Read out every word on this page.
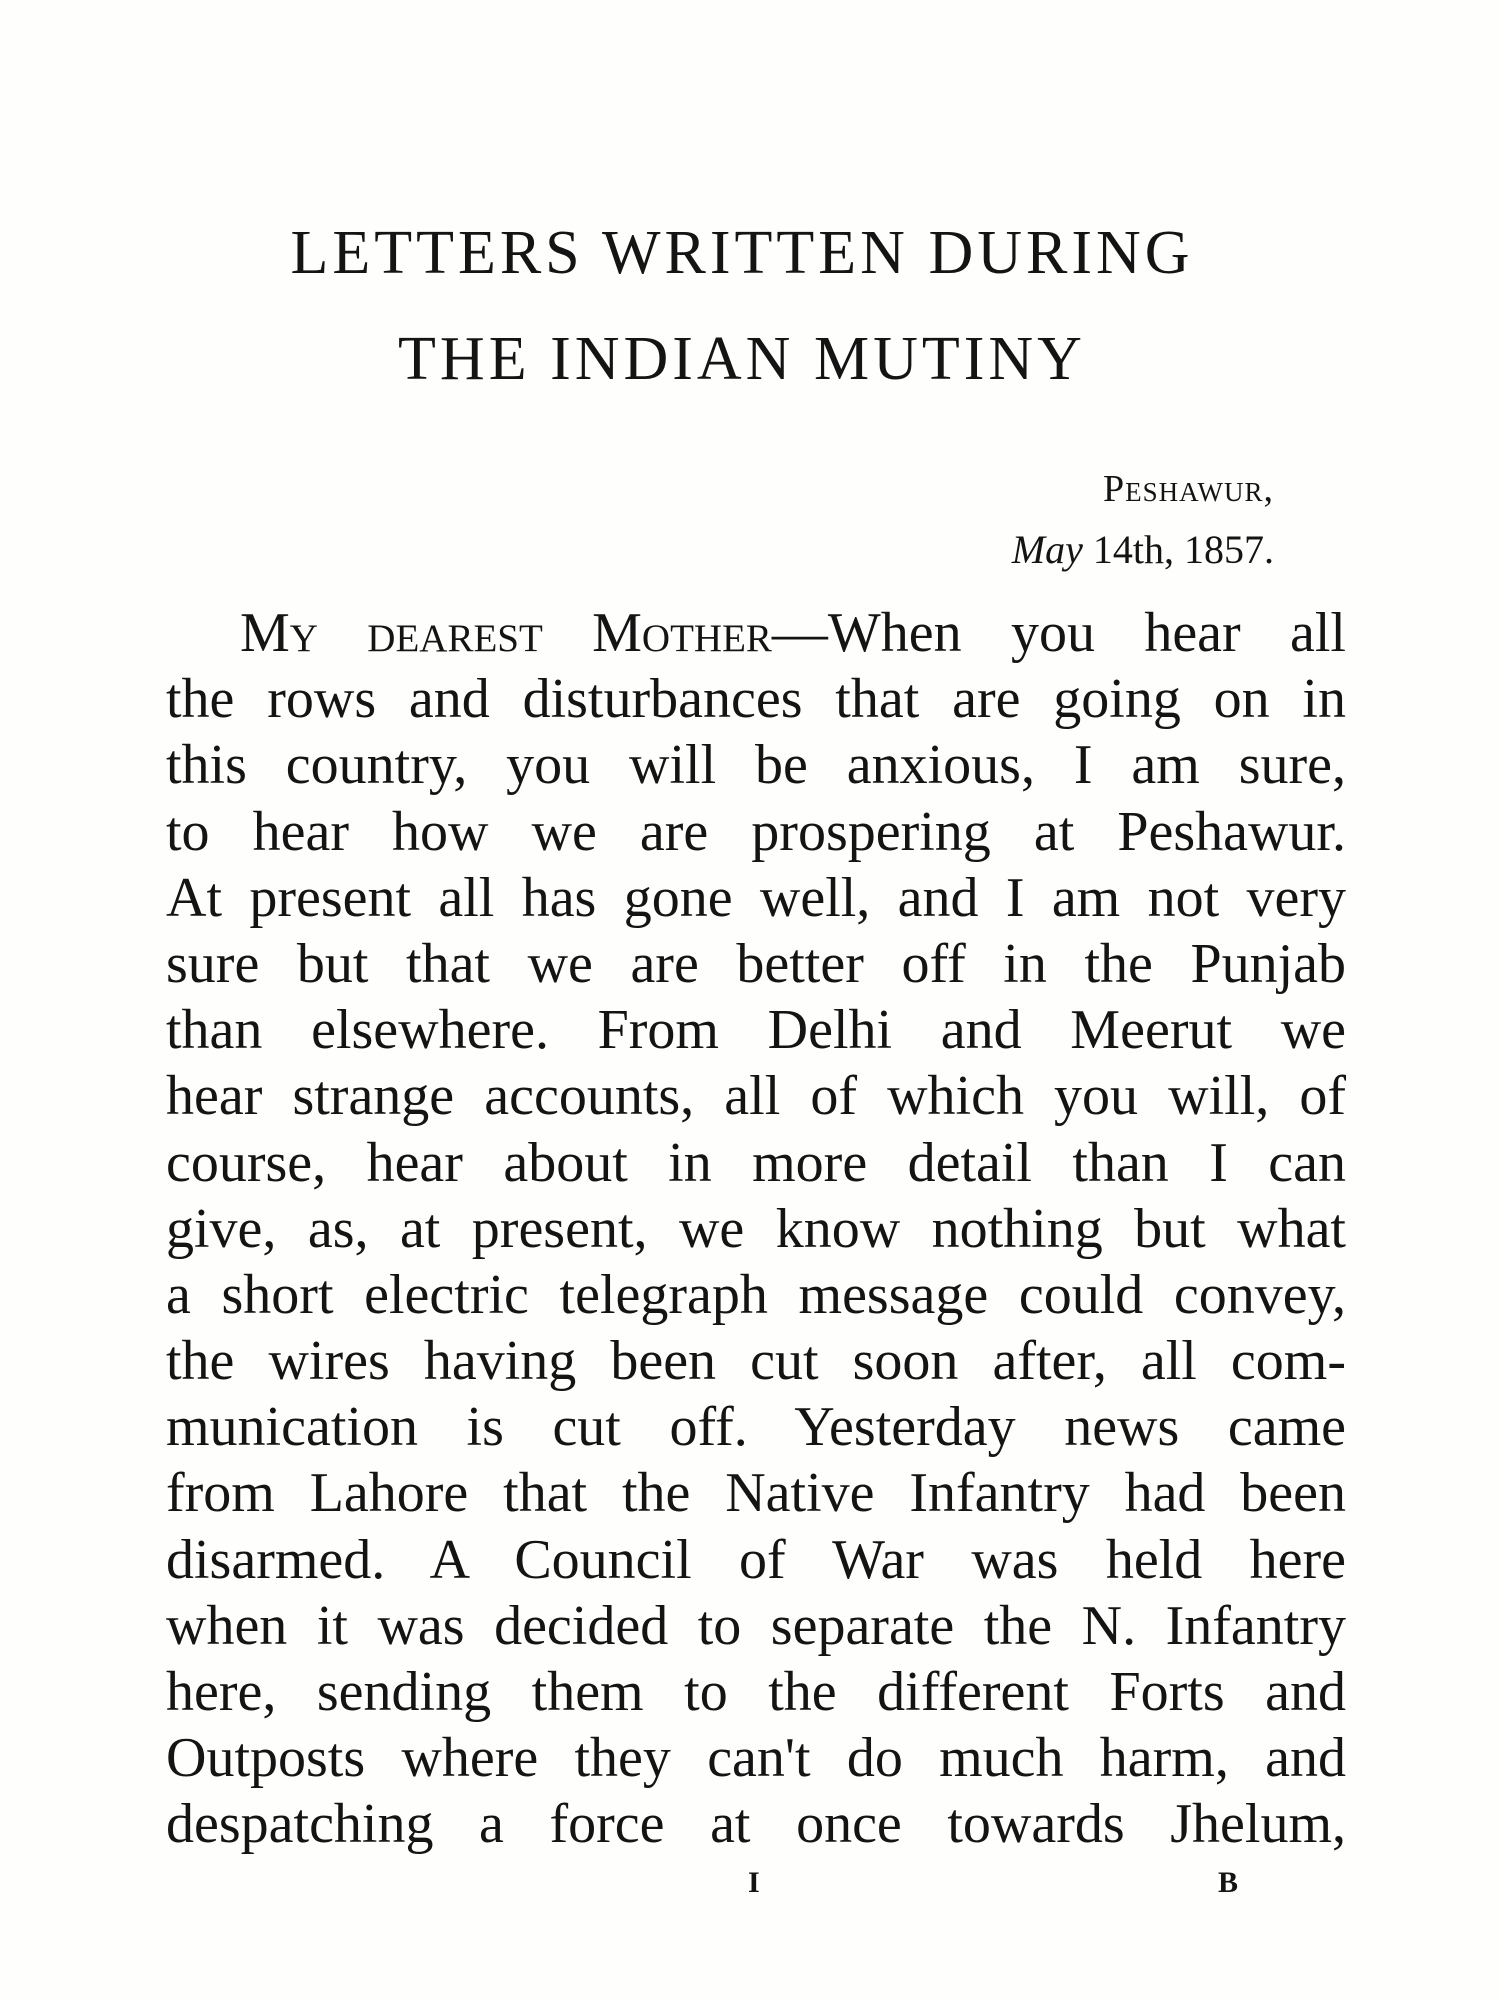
LETTERS WRITTEN DURING
THE INDIAN MUTINY
Peshawur,
May 14th, 1857.
My dearest Mother—When you hear all
the rows and disturbances that are going on in
this country, you will be anxious, I am sure,
to hear how we are prospering at Peshawur.
At present all has gone well, and I am not very
sure but that we are better off in the Punjab
than elsewhere. From Delhi and Meerut we
hear strange accounts, all of which you will, of
course, hear about in more detail than I can
give, as, at present, we know nothing but what
a short electric telegraph message could convey,
the wires having been cut soon after, all com-
munication is cut off. Yesterday news came
from Lahore that the Native Infantry had been
disarmed. A Council of War was held here
when it was decided to separate the N. Infantry
here, sending them to the different Forts and
Outposts where they can't do much harm, and
despatching a force at once towards Jhelum,
I	B
